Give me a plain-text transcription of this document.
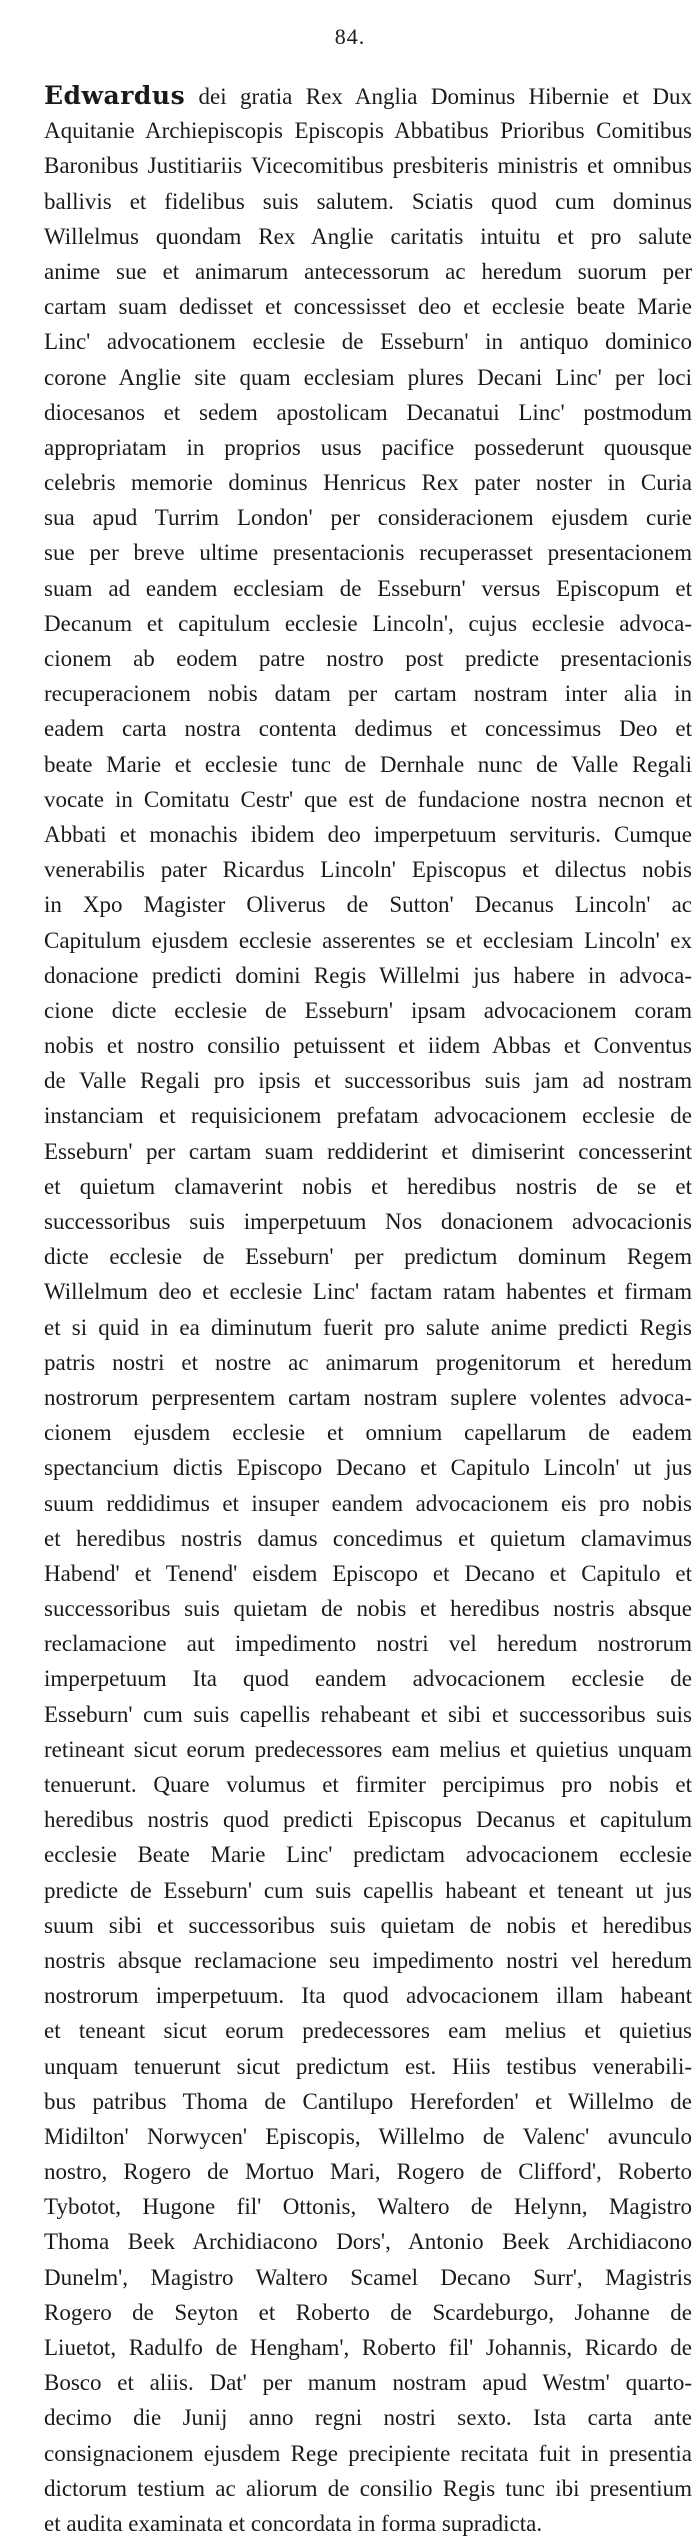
84.
Edwardus dei gratia Rex Anglia Dominus Hibernie et Dux
Aquitanie Archiepiscopis Episcopis Abbatibus Prioribus Comitibus
Baronibus Justitiariis Vicecomitibus presbiteris ministris et omnibus
ballivis et fidelibus suis salutem. Sciatis quod cum dominus
Willelmus quondam Rex Anglie caritatis intuitu et pro salute
anime sue et animarum antecessorum ac heredum suorum per
cartam suam dedisset et concessisset deo et ecclesie beate Marie
Linc' advocationem ecclesie de Esseburn' in antiquo dominico
corone Anglie site quam ecclesiam plures Decani Linc' per loci
diocesanos et sedem apostolicam Decanatui Linc' postmodum
appropriatam in proprios usus pacifice possederunt quousque
celebris memorie dominus Henricus Rex pater noster in Curia
sua apud Turrim London' per consideracionem ejusdem curie
sue per breve ultime presentacionis recuperasset presentacionem
suam ad eandem ecclesiam de Esseburn' versus Episcopum et
Decanum et capitulum ecclesie Lincoln', cujus ecclesie advoca-
cionem ab eodem patre nostro post predicte presentacionis
recuperacionem nobis datam per cartam nostram inter alia in
eadem carta nostra contenta dedimus et concessimus Deo et
beate Marie et ecclesie tunc de Dernhale nunc de Valle Regali
vocate in Comitatu Cestr' que est de fundacione nostra necnon et
Abbati et monachis ibidem deo imperpetuum servituris. Cumque
venerabilis pater Ricardus Lincoln' Episcopus et dilectus nobis
in Xpo Magister Oliverus de Sutton' Decanus Lincoln' ac
Capitulum ejusdem ecclesie asserentes se et ecclesiam Lincoln' ex
donacione predicti domini Regis Willelmi jus habere in advoca-
cione dicte ecclesie de Esseburn' ipsam advocacionem coram
nobis et nostro consilio petuissent et iidem Abbas et Conventus
de Valle Regali pro ipsis et successoribus suis jam ad nostram
instanciam et requisicionem prefatam advocacionem ecclesie de
Esseburn' per cartam suam reddiderint et dimiserint concesserint
et quietum clamaverint nobis et heredibus nostris de se et
successoribus suis imperpetuum Nos donacionem advocacionis
dicte ecclesie de Esseburn' per predictum dominum Regem
Willelmum deo et ecclesie Linc' factam ratam habentes et firmam
et si quid in ea diminutum fuerit pro salute anime predicti Regis
patris nostri et nostre ac animarum progenitorum et heredum
nostrorum perpresentem cartam nostram suplere volentes advoca-
cionem ejusdem ecclesie et omnium capellarum de eadem
spectancium dictis Episcopo Decano et Capitulo Lincoln' ut jus
suum reddidimus et insuper eandem advocacionem eis pro nobis
et heredibus nostris damus concedimus et quietum clamavimus
Habend' et Tenend' eisdem Episcopo et Decano et Capitulo et
successoribus suis quietam de nobis et heredibus nostris absque
reclamacione aut impedimento nostri vel heredum nostrorum
imperpetuum Ita quod eandem advocacionem ecclesie de
Esseburn' cum suis capellis rehabeant et sibi et successoribus suis
retineant sicut eorum predecessores eam melius et quietius unquam
tenuerunt. Quare volumus et firmiter percipimus pro nobis et
heredibus nostris quod predicti Episcopus Decanus et capitulum
ecclesie Beate Marie Linc' predictam advocacionem ecclesie
predicte de Esseburn' cum suis capellis habeant et teneant ut jus
suum sibi et successoribus suis quietam de nobis et heredibus
nostris absque reclamacione seu impedimento nostri vel heredum
nostrorum imperpetuum. Ita quod advocacionem illam habeant
et teneant sicut eorum predecessores eam melius et quietius
unquam tenuerunt sicut predictum est. Hiis testibus venerabili-
bus patribus Thoma de Cantilupo Hereforden' et Willelmo de
Midilton' Norwycen' Episcopis, Willelmo de Valenc' avunculo
nostro, Rogero de Mortuo Mari, Rogero de Clifford', Roberto
Tybotot, Hugone fil' Ottonis, Waltero de Helynn, Magistro
Thoma Beek Archidiacono Dors', Antonio Beek Archidiacono
Dunelm', Magistro Waltero Scamel Decano Surr', Magistris
Rogero de Seyton et Roberto de Scardeburgo, Johanne de
Liuetot, Radulfo de Hengham', Roberto fil' Johannis, Ricardo de
Bosco et aliis. Dat' per manum nostram apud Westm' quarto-
decimo die Junij anno regni nostri sexto. Ista carta ante
consignacionem ejusdem Rege precipiente recitata fuit in presentia
dictorum testium ac aliorum de consilio Regis tunc ibi presentium
et audita examinata et concordata in forma supradicta.
